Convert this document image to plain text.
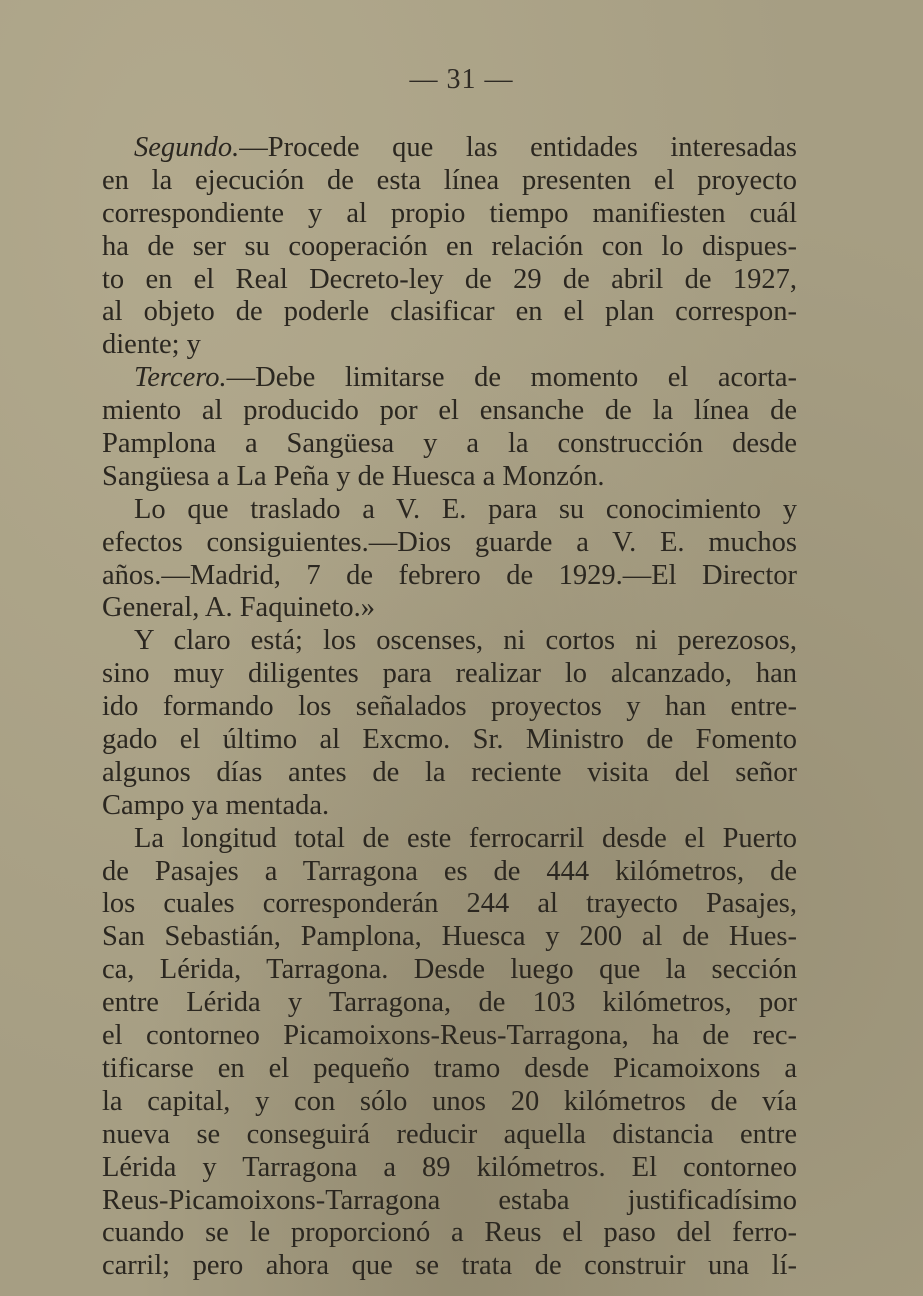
— 31 —
Segundo.—Procede que las entidades interesadas
en la ejecución de esta línea presenten el proyecto
correspondiente y al propio tiempo manifiesten cuál
ha de ser su cooperación en relación con lo dispues-
to en el Real Decreto-ley de 29 de abril de 1927,
al objeto de poderle clasificar en el plan correspon-
diente; y
Tercero.—Debe limitarse de momento el acorta-
miento al producido por el ensanche de la línea de
Pamplona a Sangüesa y a la construcción desde
Sangüesa a La Peña y de Huesca a Monzón.
Lo que traslado a V. E. para su conocimiento y
efectos consiguientes.—Dios guarde a V. E. muchos
años.—Madrid, 7 de febrero de 1929.—El Director
General, A. Faquineto.»
Y claro está; los oscenses, ni cortos ni perezosos,
sino muy diligentes para realizar lo alcanzado, han
ido formando los señalados proyectos y han entre-
gado el último al Excmo. Sr. Ministro de Fomento
algunos días antes de la reciente visita del señor
Campo ya mentada.
La longitud total de este ferrocarril desde el Puerto
de Pasajes a Tarragona es de 444 kilómetros, de
los cuales corresponderán 244 al trayecto Pasajes,
San Sebastián, Pamplona, Huesca y 200 al de Hues-
ca, Lérida, Tarragona. Desde luego que la sección
entre Lérida y Tarragona, de 103 kilómetros, por
el contorneo Picamoixons-Reus-Tarragona, ha de rec-
tificarse en el pequeño tramo desde Picamoixons a
la capital, y con sólo unos 20 kilómetros de vía
nueva se conseguirá reducir aquella distancia entre
Lérida y Tarragona a 89 kilómetros. El contorneo
Reus-Picamoixons-Tarragona estaba justificadísimo
cuando se le proporcionó a Reus el paso del ferro-
carril; pero ahora que se trata de construir una lí-
